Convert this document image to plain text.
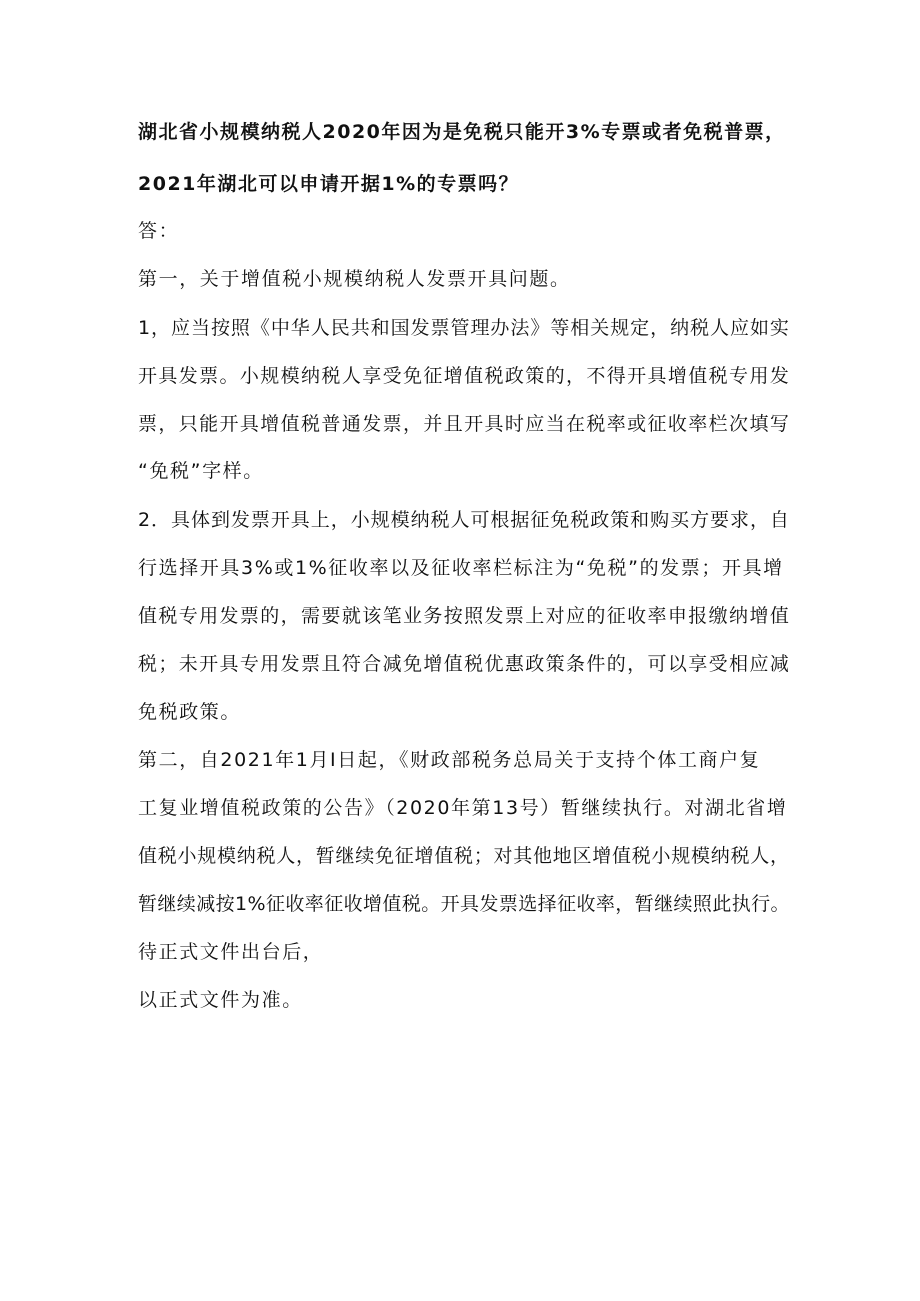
湖北省小规模纳税人2020年因为是免税只能开3%专票或者免税普票，
2021年湖北可以申请开据1%的专票吗？
答：
第一，关于增值税小规模纳税人发票开具问题。
1，应当按照《中华人民共和国发票管理办法》等相关规定，纳税人应如实
开具发票。小规模纳税人享受免征增值税政策的，不得开具增值税专用发
票，只能开具增值税普通发票，并且开具时应当在税率或征收率栏次填写
“免税”字样。
2．具体到发票开具上，小规模纳税人可根据征免税政策和购买方要求，自
行选择开具3%或1%征收率以及征收率栏标注为“免税”的发票；开具增
值税专用发票的，需要就该笔业务按照发票上对应的征收率申报缴纳增值
税；未开具专用发票且符合减免增值税优惠政策条件的，可以享受相应减
免税政策。
第二，自2021年1月I日起，《财政部税务总局关于支持个体工商户复
工复业增值税政策的公告》（2020年第13号）暂继续执行。对湖北省增
值税小规模纳税人，暂继续免征增值税；对其他地区增值税小规模纳税人，
暂继续减按1%征收率征收增值税。开具发票选择征收率，暂继续照此执行。
待正式文件出台后，
以正式文件为准。
